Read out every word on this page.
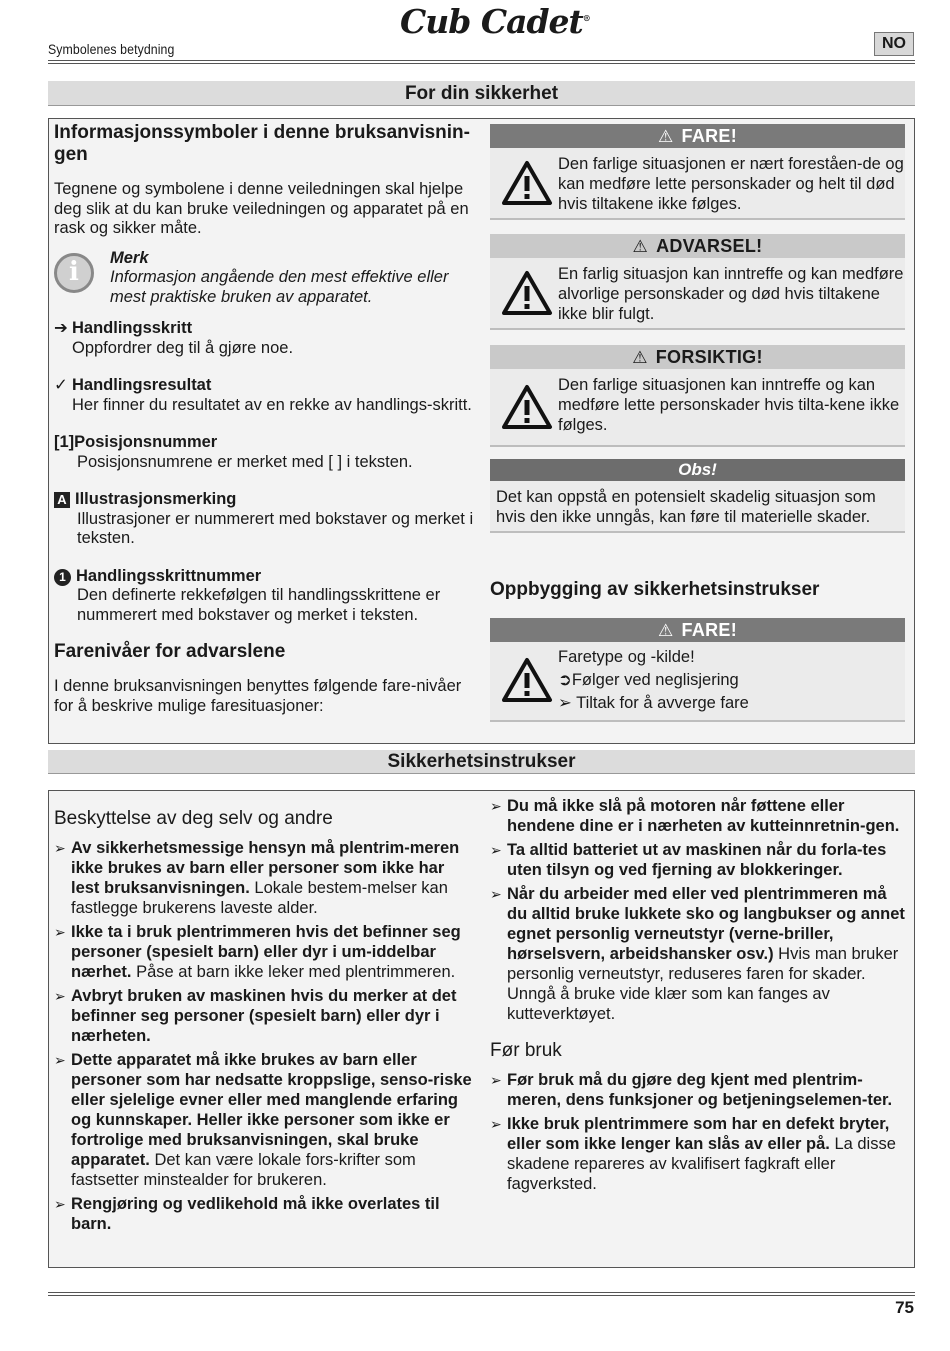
Symbolenes betydning
Cub Cadet®
NO
For din sikkerhet
Informasjonssymboler i denne bruksanvisnin-gen

Tegnene og symbolene i denne veiledningen skal hjelpe deg slik at du kan bruke veiledningen og apparatet på en rask og sikker måte.

i	Merk
Informasjon angående den mest effektive eller mest praktiske bruken av apparatet.
➔ Handlingsskritt
Oppfordrer deg til å gjøre noe.
✓ Handlingsresultat
Her finner du resultatet av en rekke av handlings-skritt.
[1]Posisjonsnummer
Posisjonsnumrene er merket med [ ] i teksten.
A Illustrasjonsmerking
Illustrasjoner er nummerert med bokstaver og merket i teksten.
1 Handlingsskrittnummer
Den definerte rekkefølgen til handlingsskrittene er nummerert med bokstaver og merket i teksten.
Farenivåer for advarslene

I denne bruksanvisningen benyttes følgende fare-nivåer for å beskrive mulige faresituasjoner:

⚠ FARE!
Den farlige situasjonen er nært foreståen-de og kan medføre lette personskader og helt til død hvis tiltakene ikke følges.
⚠ ADVARSEL!
En farlig situasjon kan inntreffe og kan medføre alvorlige personskader og død hvis tiltakene ikke blir fulgt.
⚠ FORSIKTIG!
Den farlige situasjonen kan inntreffe og kan medføre lette personskader hvis tilta-kene ikke følges.
Obs!
Det kan oppstå en potensielt skadelig situasjon som hvis den ikke unngås, kan føre til materielle skader.
Oppbygging av sikkerhetsinstrukser
⚠ FARE!
Faretype og -kilde!
➲Følger ved neglisjering
➢ Tiltak for å avverge fare
Sikkerhetsinstrukser
Beskyttelse av deg selv og andre
➢ Av sikkerhetsmessige hensyn må plentrim-meren ikke brukes av barn eller personer som ikke har lest bruksanvisningen. Lokale bestem-melser kan fastlegge brukerens laveste alder.
➢ Ikke ta i bruk plentrimmeren hvis det befinner seg personer (spesielt barn) eller dyr i um-iddelbar nærhet. Påse at barn ikke leker med plentrimmeren.
➢ Avbryt bruken av maskinen hvis du merker at det befinner seg personer (spesielt barn) eller dyr i nærheten.
➢ Dette apparatet må ikke brukes av barn eller personer som har nedsatte kroppslige, senso-riske eller sjelelige evner eller med manglende erfaring og kunnskaper. Heller ikke personer som ikke er fortrolige med bruksanvisningen, skal bruke apparatet. Det kan være lokale fors-krifter som fastsetter minstealder for brukeren.
➢ Rengjøring og vedlikehold må ikke overlates til barn.
➢ Du må ikke slå på motoren når føttene eller hendene dine er i nærheten av kutteinnretnin-gen.
➢ Ta alltid batteriet ut av maskinen når du forla-tes uten tilsyn og ved fjerning av blokkeringer.
➢ Når du arbeider med eller ved plentrimmeren må du alltid bruke lukkete sko og langbukser og annet egnet personlig verneutstyr (verne-briller, hørselsvern, arbeidshansker osv.) Hvis man bruker personlig verneutstyr, reduseres faren for skader. Unngå å bruke vide klær som kan fanges av kutteverktøyet.
Før bruk
➢ Før bruk må du gjøre deg kjent med plentrim-meren, dens funksjoner og betjeningselemen-ter.
➢ Ikke bruk plentrimmere som har en defekt bryter, eller som ikke lenger kan slås av eller på. La disse skadene repareres av kvalifisert fagkraft eller fagverksted.
75
